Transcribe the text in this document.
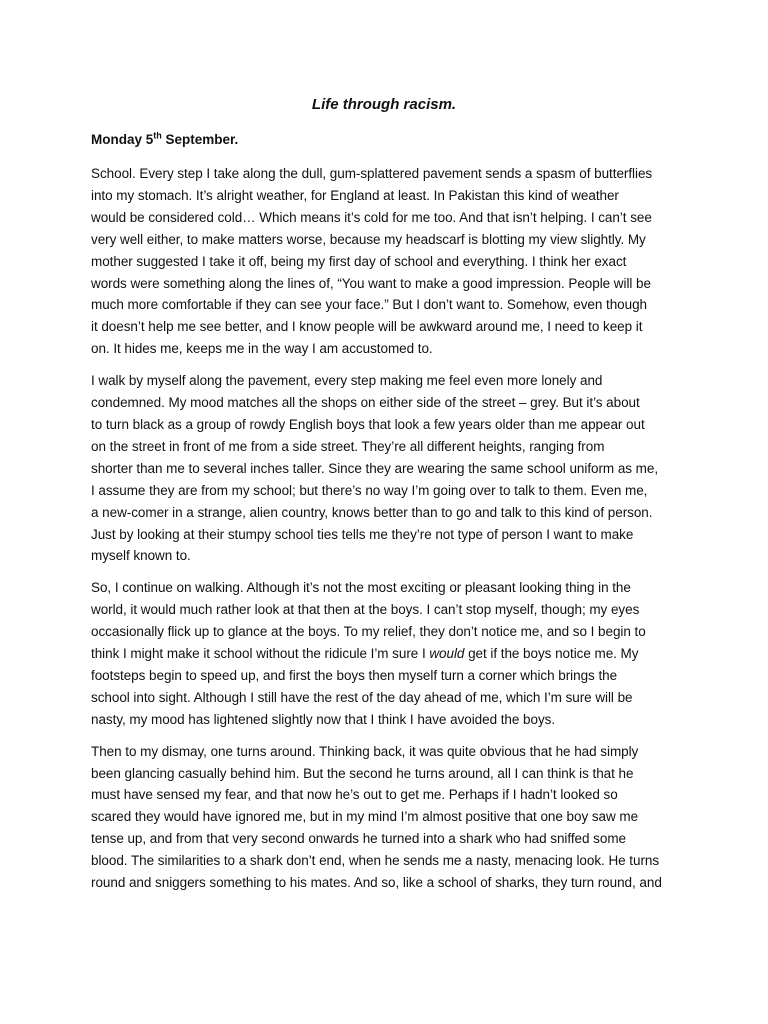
Life through racism.

Monday 5th September.

School. Every step I take along the dull, gum-splattered pavement sends a spasm of butterflies
into my stomach. It’s alright weather, for England at least. In Pakistan this kind of weather
would be considered cold… Which means it’s cold for me too. And that isn’t helping. I can’t see
very well either, to make matters worse, because my headscarf is blotting my view slightly. My
mother suggested I take it off, being my first day of school and everything. I think her exact
words were something along the lines of, “You want to make a good impression. People will be
much more comfortable if they can see your face.” But I don’t want to. Somehow, even though
it doesn’t help me see better, and I know people will be awkward around me, I need to keep it
on. It hides me, keeps me in the way I am accustomed to.

I walk by myself along the pavement, every step making me feel even more lonely and
condemned. My mood matches all the shops on either side of the street – grey. But it’s about
to turn black as a group of rowdy English boys that look a few years older than me appear out
on the street in front of me from a side street. They’re all different heights, ranging from
shorter than me to several inches taller. Since they are wearing the same school uniform as me,
I assume they are from my school; but there’s no way I’m going over to talk to them. Even me,
a new-comer in a strange, alien country, knows better than to go and talk to this kind of person.
Just by looking at their stumpy school ties tells me they’re not type of person I want to make
myself known to.

So, I continue on walking. Although it’s not the most exciting or pleasant looking thing in the
world, it would much rather look at that then at the boys. I can’t stop myself, though; my eyes
occasionally flick up to glance at the boys. To my relief, they don’t notice me, and so I begin to
think I might make it school without the ridicule I’m sure I would get if the boys notice me. My
footsteps begin to speed up, and first the boys then myself turn a corner which brings the
school into sight. Although I still have the rest of the day ahead of me, which I’m sure will be
nasty, my mood has lightened slightly now that I think I have avoided the boys.

Then to my dismay, one turns around. Thinking back, it was quite obvious that he had simply
been glancing casually behind him. But the second he turns around, all I can think is that he
must have sensed my fear, and that now he’s out to get me. Perhaps if I hadn’t looked so
scared they would have ignored me, but in my mind I’m almost positive that one boy saw me
tense up, and from that very second onwards he turned into a shark who had sniffed some
blood. The similarities to a shark don’t end, when he sends me a nasty, menacing look. He turns
round and sniggers something to his mates. And so, like a school of sharks, they turn round, and
